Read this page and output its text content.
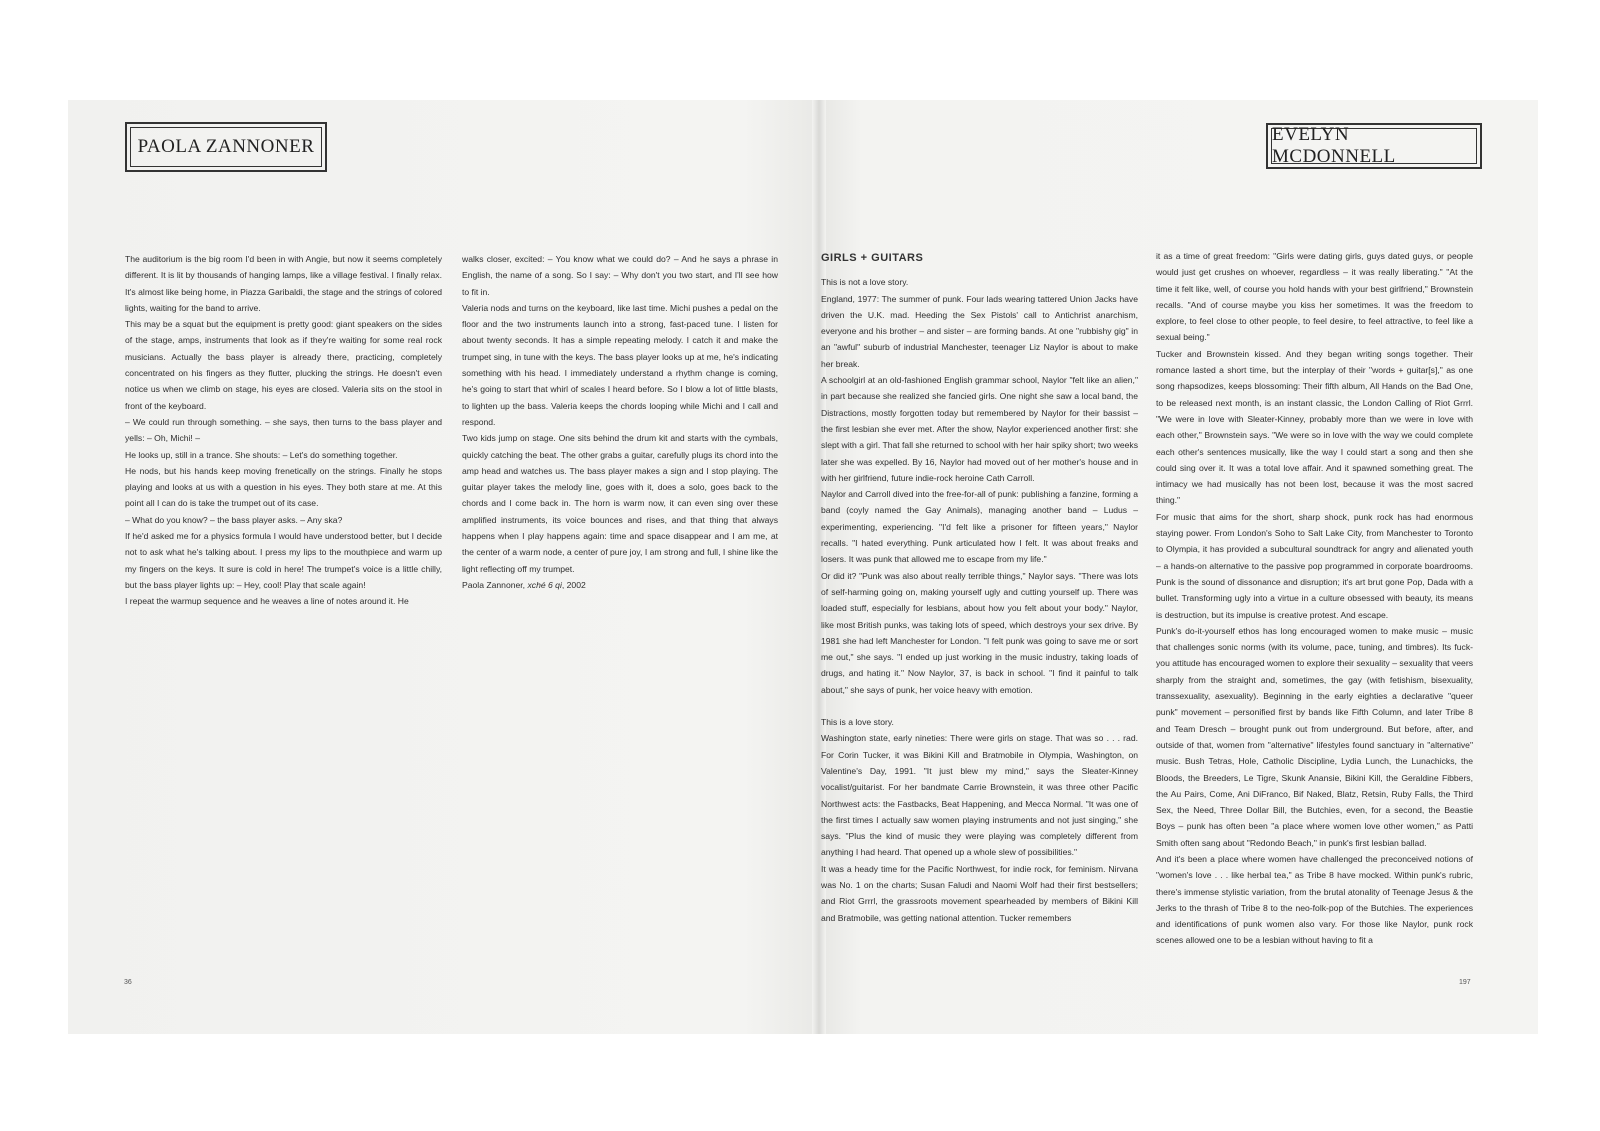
PAOLA ZANNONER
EVELYN MCDONNELL

The auditorium is the big room I'd been in with Angie, but now it seems completely different. It is lit by thousands of hanging lamps, like a village festival. I finally relax. It's almost like being home, in Piazza Garibaldi, the stage and the strings of colored lights, waiting for the band to arrive.

This may be a squat but the equipment is pretty good: giant speakers on the sides of the stage, amps, instruments that look as if they're waiting for some real rock musicians. Actually the bass player is already there, practicing, completely concentrated on his fingers as they flutter, plucking the strings. He doesn't even notice us when we climb on stage, his eyes are closed. Valeria sits on the stool in front of the keyboard.

– We could run through something. – she says, then turns to the bass player and yells: – Oh, Michi! –

He looks up, still in a trance. She shouts: – Let's do something together.

He nods, but his hands keep moving frenetically on the strings. Finally he stops playing and looks at us with a question in his eyes. They both stare at me. At this point all I can do is take the trumpet out of its case.

– What do you know? – the bass player asks. – Any ska?

If he'd asked me for a physics formula I would have understood better, but I decide not to ask what he's talking about. I press my lips to the mouthpiece and warm up my fingers on the keys. It sure is cold in here! The trumpet's voice is a little chilly, but the bass player lights up: – Hey, cool! Play that scale again!

I repeat the warmup sequence and he weaves a line of notes around it. He

walks closer, excited: – You know what we could do? – And he says a phrase in English, the name of a song. So I say: – Why don't you two start, and I'll see how to fit in.

Valeria nods and turns on the keyboard, like last time. Michi pushes a pedal on the floor and the two instruments launch into a strong, fast-paced tune. I listen for about twenty seconds. It has a simple repeating melody. I catch it and make the trumpet sing, in tune with the keys. The bass player looks up at me, he's indicating something with his head. I immediately understand a rhythm change is coming, he's going to start that whirl of scales I heard before. So I blow a lot of little blasts, to lighten up the bass. Valeria keeps the chords looping while Michi and I call and respond.

Two kids jump on stage. One sits behind the drum kit and starts with the cymbals, quickly catching the beat. The other grabs a guitar, carefully plugs its chord into the amp head and watches us. The bass player makes a sign and I stop playing. The guitar player takes the melody line, goes with it, does a solo, goes back to the chords and I come back in. The horn is warm now, it can even sing over these amplified instruments, its voice bounces and rises, and that thing that always happens when I play happens again: time and space disappear and I am me, at the center of a warm node, a center of pure joy, I am strong and full, I shine like the light reflecting off my trumpet.

Paola Zannoner, xché 6 qi, 2002
36
GIRLS + GUITARS

This is not a love story.

England, 1977: The summer of punk. Four lads wearing tattered Union Jacks have driven the U.K. mad. Heeding the Sex Pistols' call to Antichrist anarchism, everyone and his brother – and sister – are forming bands. At one "rubbishy gig" in an "awful" suburb of industrial Manchester, teenager Liz Naylor is about to make her break.

A schoolgirl at an old-fashioned English grammar school, Naylor "felt like an alien," in part because she realized she fancied girls. One night she saw a local band, the Distractions, mostly forgotten today but remembered by Naylor for their bassist – the first lesbian she ever met. After the show, Naylor experienced another first: she slept with a girl. That fall she returned to school with her hair spiky short; two weeks later she was expelled. By 16, Naylor had moved out of her mother's house and in with her girlfriend, future indie-rock heroine Cath Carroll.

Naylor and Carroll dived into the free-for-all of punk: publishing a fanzine, forming a band (coyly named the Gay Animals), managing another band – Ludus – experimenting, experiencing. "I'd felt like a prisoner for fifteen years," Naylor recalls. "I hated everything. Punk articulated how I felt. It was about freaks and losers. It was punk that allowed me to escape from my life."

Or did it? "Punk was also about really terrible things," Naylor says. "There was lots of self-harming going on, making yourself ugly and cutting yourself up. There was loaded stuff, especially for lesbians, about how you felt about your body." Naylor, like most British punks, was taking lots of speed, which destroys your sex drive. By 1981 she had left Manchester for London. "I felt punk was going to save me or sort me out," she says. "I ended up just working in the music industry, taking loads of drugs, and hating it." Now Naylor, 37, is back in school. "I find it painful to talk about," she says of punk, her voice heavy with emotion.

This is a love story.

Washington state, early nineties: There were girls on stage. That was so . . . rad. For Corin Tucker, it was Bikini Kill and Bratmobile in Olympia, Washington, on Valentine's Day, 1991. "It just blew my mind," says the Sleater-Kinney vocalist/guitarist. For her bandmate Carrie Brownstein, it was three other Pacific Northwest acts: the Fastbacks, Beat Happening, and Mecca Normal. "It was one of the first times I actually saw women playing instruments and not just singing," she says. "Plus the kind of music they were playing was completely different from anything I had heard. That opened up a whole slew of possibilities."

It was a heady time for the Pacific Northwest, for indie rock, for feminism. Nirvana was No. 1 on the charts; Susan Faludi and Naomi Wolf had their first bestsellers; and Riot Grrrl, the grassroots movement spearheaded by members of Bikini Kill and Bratmobile, was getting national attention. Tucker remembers

it as a time of great freedom: "Girls were dating girls, guys dated guys, or people would just get crushes on whoever, regardless – it was really liberating." "At the time it felt like, well, of course you hold hands with your best girlfriend," Brownstein recalls. "And of course maybe you kiss her sometimes. It was the freedom to explore, to feel close to other people, to feel desire, to feel attractive, to feel like a sexual being."

Tucker and Brownstein kissed. And they began writing songs together. Their romance lasted a short time, but the interplay of their "words + guitar[s]," as one song rhapsodizes, keeps blossoming: Their fifth album, All Hands on the Bad One, to be released next month, is an instant classic, the London Calling of Riot Grrrl. "We were in love with Sleater-Kinney, probably more than we were in love with each other," Brownstein says. "We were so in love with the way we could complete each other's sentences musically, like the way I could start a song and then she could sing over it. It was a total love affair. And it spawned something great. The intimacy we had musically has not been lost, because it was the most sacred thing."

For music that aims for the short, sharp shock, punk rock has had enormous staying power. From London's Soho to Salt Lake City, from Manchester to Toronto to Olympia, it has provided a subcultural soundtrack for angry and alienated youth – a hands-on alternative to the passive pop programmed in corporate boardrooms. Punk is the sound of dissonance and disruption; it's art brut gone Pop, Dada with a bullet. Transforming ugly into a virtue in a culture obsessed with beauty, its means is destruction, but its impulse is creative protest. And escape.

Punk's do-it-yourself ethos has long encouraged women to make music – music that challenges sonic norms (with its volume, pace, tuning, and timbres). Its fuck-you attitude has encouraged women to explore their sexuality – sexuality that veers sharply from the straight and, sometimes, the gay (with fetishism, bisexuality, transsexuality, asexuality). Beginning in the early eighties a declarative "queer punk" movement – personified first by bands like Fifth Column, and later Tribe 8 and Team Dresch – brought punk out from underground. But before, after, and outside of that, women from "alternative" lifestyles found sanctuary in "alternative" music. Bush Tetras, Hole, Catholic Discipline, Lydia Lunch, the Lunachicks, the Bloods, the Breeders, Le Tigre, Skunk Anansie, Bikini Kill, the Geraldine Fibbers, the Au Pairs, Come, Ani DiFranco, Bif Naked, Blatz, Retsin, Ruby Falls, the Third Sex, the Need, Three Dollar Bill, the Butchies, even, for a second, the Beastie Boys – punk has often been "a place where women love other women," as Patti Smith often sang about "Redondo Beach," in punk's first lesbian ballad.

And it's been a place where women have challenged the preconceived notions of "women's love . . . like herbal tea," as Tribe 8 have mocked. Within punk's rubric, there's immense stylistic variation, from the brutal atonality of Teenage Jesus & the Jerks to the thrash of Tribe 8 to the neo-folk-pop of the Butchies. The experiences and identifications of punk women also vary. For those like Naylor, punk rock scenes allowed one to be a lesbian without having to fit a

197
